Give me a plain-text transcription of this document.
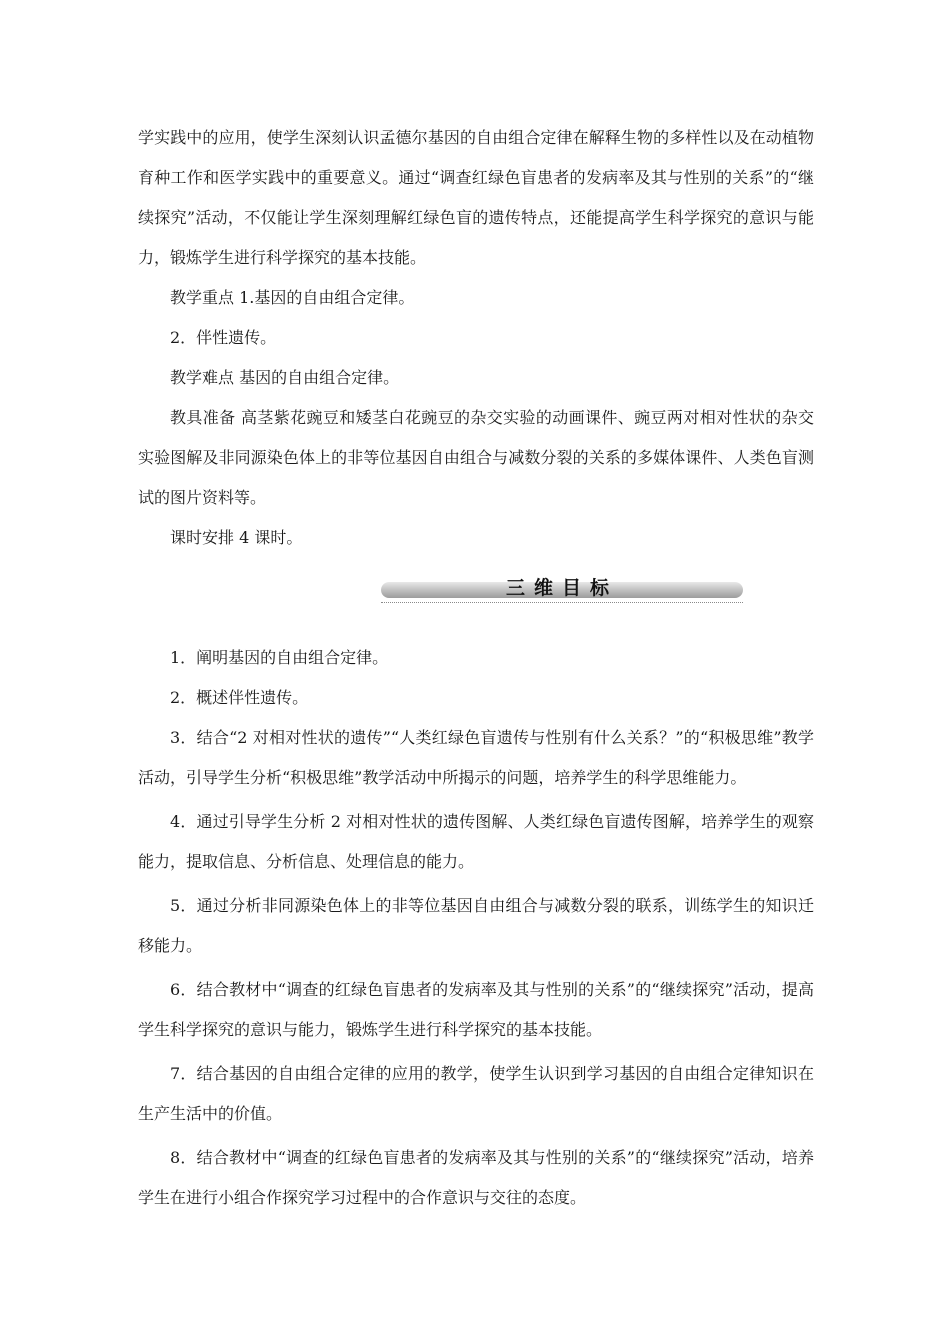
学实践中的应用，使学生深刻认识孟德尔基因的自由组合定律在解释生物的多样性以及在动植物育种工作和医学实践中的重要意义。通过“调查红绿色盲患者的发病率及其与性别的关系”的“继续探究”活动，不仅能让学生深刻理解红绿色盲的遗传特点，还能提高学生科学探究的意识与能力，锻炼学生进行科学探究的基本技能。

教学重点 1.基因的自由组合定律。

2．伴性遗传。

教学难点 基因的自由组合定律。

教具准备 高茎紫花豌豆和矮茎白花豌豆的杂交实验的动画课件、豌豆两对相对性状的杂交实验图解及非同源染色体上的非等位基因自由组合与减数分裂的关系的多媒体课件、人类色盲测试的图片资料等。

课时安排 4 课时。

三维目标

1．阐明基因的自由组合定律。

2．概述伴性遗传。

3．结合“2 对相对性状的遗传”“人类红绿色盲遗传与性别有什么关系？”的“积极思维”教学活动，引导学生分析“积极思维”教学活动中所揭示的问题，培养学生的科学思维能力。

4．通过引导学生分析 2 对相对性状的遗传图解、人类红绿色盲遗传图解，培养学生的观察能力，提取信息、分析信息、处理信息的能力。

5．通过分析非同源染色体上的非等位基因自由组合与减数分裂的联系，训练学生的知识迁移能力。

6．结合教材中“调查的红绿色盲患者的发病率及其与性别的关系”的“继续探究”活动，提高学生科学探究的意识与能力，锻炼学生进行科学探究的基本技能。

7．结合基因的自由组合定律的应用的教学，使学生认识到学习基因的自由组合定律知识在生产生活中的价值。

8．结合教材中“调查的红绿色盲患者的发病率及其与性别的关系”的“继续探究”活动，培养学生在进行小组合作探究学习过程中的合作意识与交往的态度。
